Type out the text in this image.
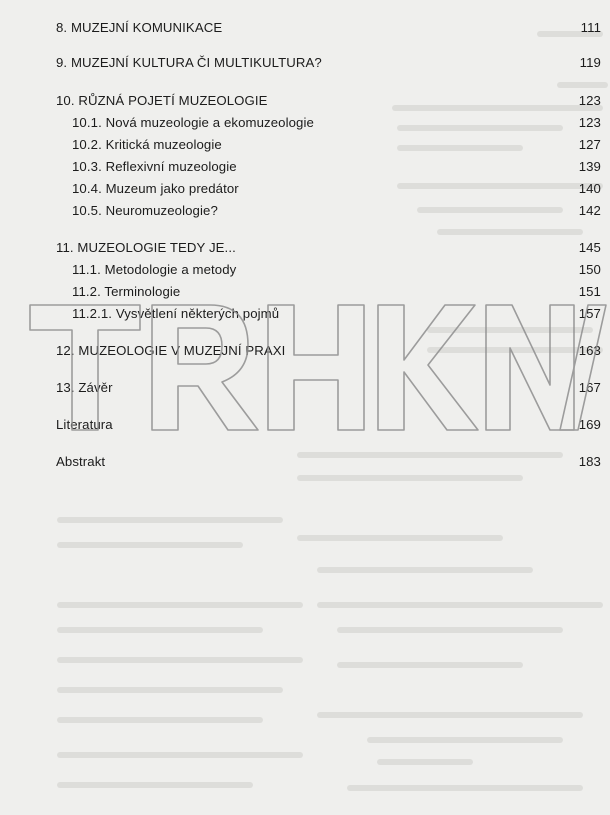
8. MUZEJNÍ KOMUNIKACE	111
9. MUZEJNÍ KULTURA ČI MULTIKULTURA?	119
10. RŮZNÁ POJETÍ MUZEOLOGIE	123
10.1. Nová muzeologie a ekomuzeologie	123
10.2. Kritická muzeologie	127
10.3. Reflexivní muzeologie	139
10.4. Muzeum jako predátor	140
10.5. Neuromuzeologie?	142
11. MUZEOLOGIE TEDY JE...	145
11.1. Metodologie a metody	150
11.2. Terminologie	151
11.2.1. Vysvětlení některých pojmů	157
12. MUZEOLOGIE V MUZEJNÍ PRAXI	163
13. Závěr	167
Literatura	169
Abstrakt	183
